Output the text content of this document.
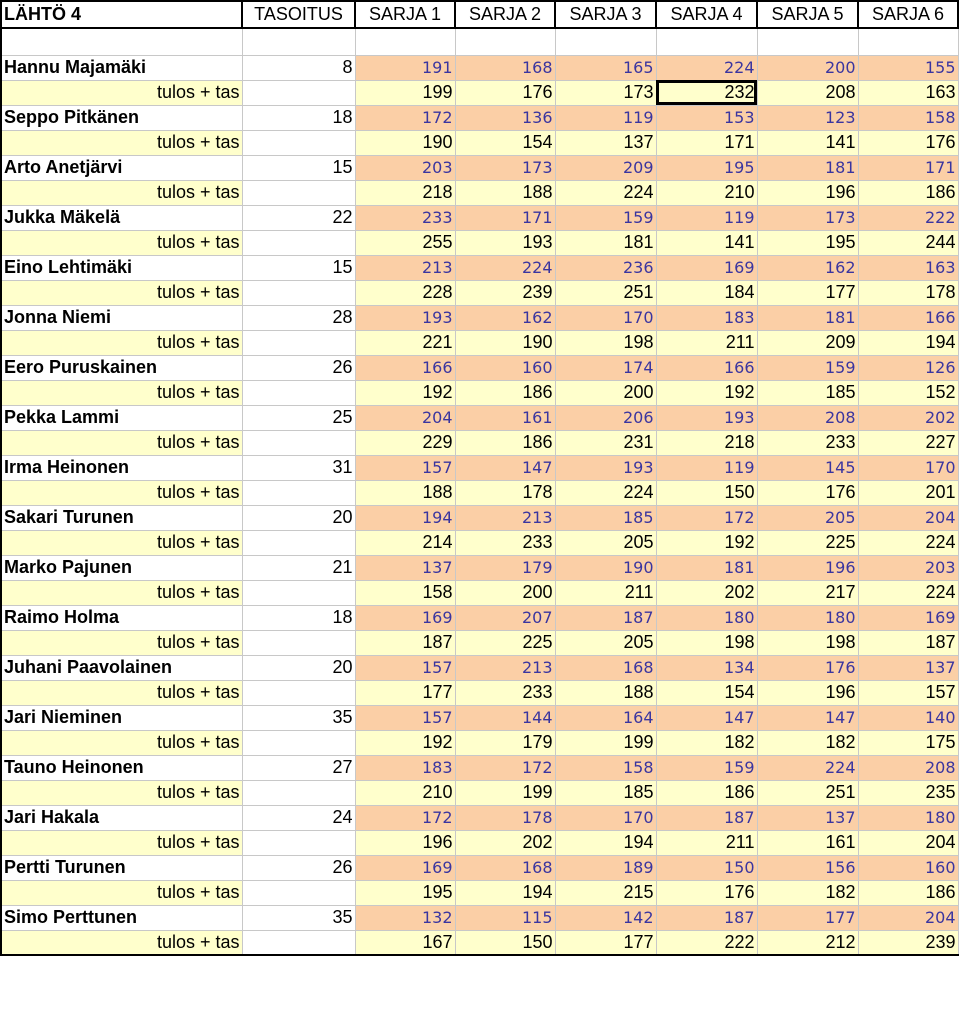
LÄHTÖ 4	TASOITUS	SARJA 1	SARJA 2	SARJA 3	SARJA 4	SARJA 5	SARJA 6

Hannu Majamäki	8	191	168	165	224	200	155
tulos + tas		199	176	173	232	208	163
Seppo Pitkänen	18	172	136	119	153	123	158
tulos + tas		190	154	137	171	141	176
Arto Anetjärvi	15	203	173	209	195	181	171
tulos + tas		218	188	224	210	196	186
Jukka Mäkelä	22	233	171	159	119	173	222
tulos + tas		255	193	181	141	195	244
Eino Lehtimäki	15	213	224	236	169	162	163
tulos + tas		228	239	251	184	177	178
Jonna Niemi	28	193	162	170	183	181	166
tulos + tas		221	190	198	211	209	194
Eero Puruskainen	26	166	160	174	166	159	126
tulos + tas		192	186	200	192	185	152
Pekka Lammi	25	204	161	206	193	208	202
tulos + tas		229	186	231	218	233	227
Irma Heinonen	31	157	147	193	119	145	170
tulos + tas		188	178	224	150	176	201
Sakari Turunen	20	194	213	185	172	205	204
tulos + tas		214	233	205	192	225	224
Marko Pajunen	21	137	179	190	181	196	203
tulos + tas		158	200	211	202	217	224
Raimo Holma	18	169	207	187	180	180	169
tulos + tas		187	225	205	198	198	187
Juhani Paavolainen	20	157	213	168	134	176	137
tulos + tas		177	233	188	154	196	157
Jari Nieminen	35	157	144	164	147	147	140
tulos + tas		192	179	199	182	182	175
Tauno Heinonen	27	183	172	158	159	224	208
tulos + tas		210	199	185	186	251	235
Jari Hakala	24	172	178	170	187	137	180
tulos + tas		196	202	194	211	161	204
Pertti Turunen	26	169	168	189	150	156	160
tulos + tas		195	194	215	176	182	186
Simo Perttunen	35	132	115	142	187	177	204
tulos + tas		167	150	177	222	212	239
